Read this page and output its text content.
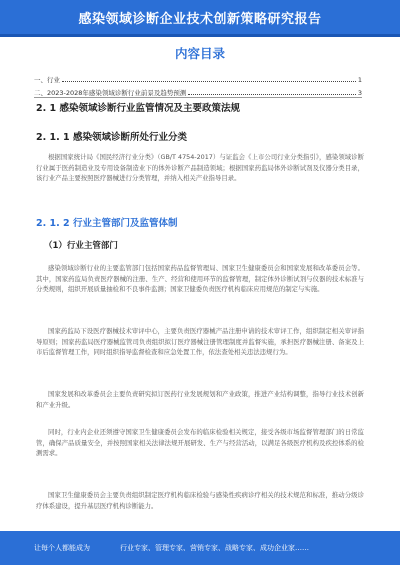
感染领域诊断企业技术创新策略研究报告
内容目录
一、行业	1
二、2023-2028年感染领域诊断行业前景及趋势预测	3
2. 1 感染领域诊断行业监管情况及主要政策法规
2. 1. 1 感染领域诊断所处行业分类
根据国家统计局《国民经济行业分类》（GB/T 4754-2017）与证监会《上市公司行业分类指引》，感染领域诊断行业属于医药制造业及专用设备制造业下的体外诊断产品制造领域；根据国家药监局体外诊断试剂及仪器分类目录，该行业产品主要按照医疗器械进行分类管理，并纳入相关产业指导目录。
2. 1. 2 行业主管部门及监管体制
（1）行业主管部门
感染领域诊断行业的主要监管部门包括国家药品监督管理局、国家卫生健康委员会和国家发展和改革委员会等。其中，国家药监局负责医疗器械的注册、生产、经营和使用环节的监督管理，制定体外诊断试剂与仪器的技术标准与分类规则，组织开展质量抽检和不良事件监测；国家卫健委负责医疗机构临床应用规范的制定与实施。
国家药监局下设医疗器械技术审评中心，主要负责医疗器械产品注册申请的技术审评工作，组织制定相关审评指导原则；国家药监局医疗器械监管司负责组织拟订医疗器械注册管理制度并监督实施，承担医疗器械注册、备案及上市后监督管理工作，同时组织指导监督检查和应急处置工作，依法查处相关违法违规行为。
国家发展和改革委员会主要负责研究拟订医药行业发展规划和产业政策，推进产业结构调整，指导行业技术创新和产业升级。
同时，行业内企业还须遵守国家卫生健康委员会发布的临床检验相关规定，接受各级市场监督管理部门的日常监管，确保产品质量安全，并按照国家相关法律法规开展研发、生产与经营活动，以满足各级医疗机构及疾控体系的检测需求。
国家卫生健康委员会主要负责组织制定医疗机构临床检验与感染性疾病诊疗相关的技术规范和标准，推动分级诊疗体系建设，提升基层医疗机构诊断能力。
让每个人都能成为	行业专家、管理专家、营销专家、战略专家、成功企业家……
